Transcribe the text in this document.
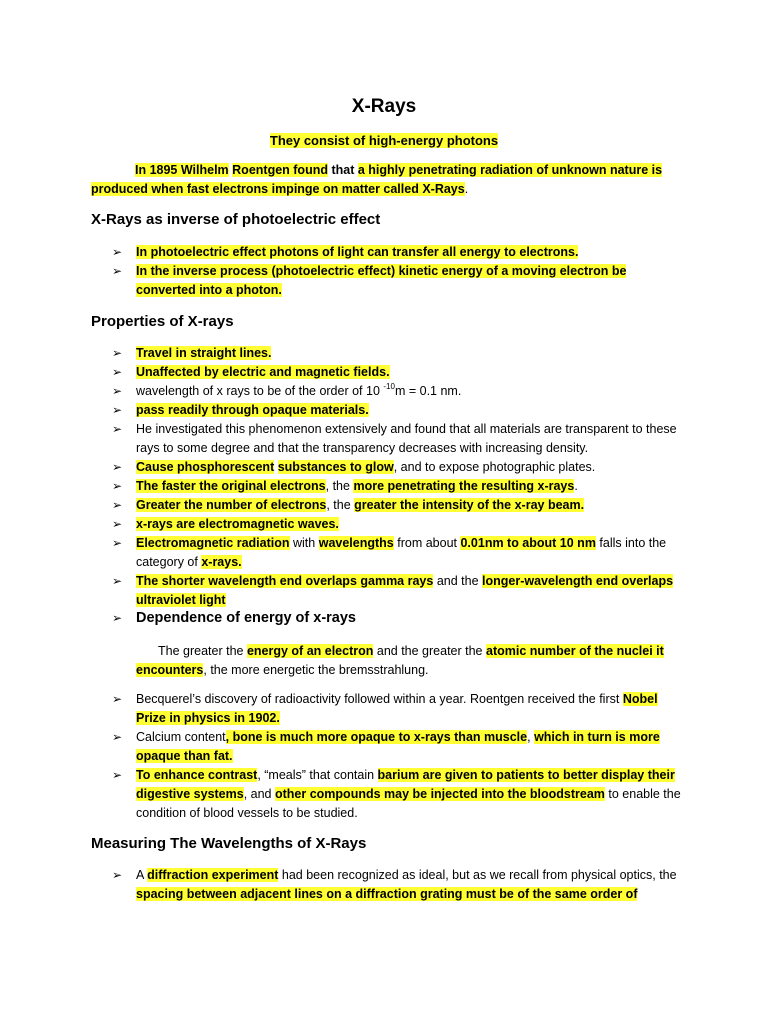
X-Rays
They consist of high-energy photons
In 1895 Wilhelm Roentgen found that a highly penetrating radiation of unknown nature is produced when fast electrons impinge on matter called X-Rays.
X-Rays as inverse of photoelectric effect
➢ In photoelectric effect photons of light can transfer all energy to electrons.
➢ In the inverse process (photoelectric effect) kinetic energy of a moving electron be converted into a photon.
Properties of X-rays
➢ Travel in straight lines.
➢ Unaffected by electric and magnetic fields.
➢ wavelength of x rays to be of the order of 10 $^{-10}$m = 0.1 nm.
➢ pass readily through opaque materials.
➢ He investigated this phenomenon extensively and found that all materials are transparent to these rays to some degree and that the transparency decreases with increasing density.
➢ Cause phosphorescent substances to glow, and to expose photographic plates.
➢ The faster the original electrons, the more penetrating the resulting x-rays.
➢ Greater the number of electrons, the greater the intensity of the x-ray beam.
➢ x-rays are electromagnetic waves.
➢ Electromagnetic radiation with wavelengths from about 0.01nm to about 10 nm falls into the category of x-rays.
➢ The shorter wavelength end overlaps gamma rays and the longer-wavelength end overlaps ultraviolet light
➢ Dependence of energy of x-rays
The greater the energy of an electron and the greater the atomic number of the nuclei it encounters, the more energetic the bremsstrahlung.
➢ Becquerel’s discovery of radioactivity followed within a year. Roentgen received the first Nobel Prize in physics in 1902.
➢ Calcium content, bone is much more opaque to x-rays than muscle, which in turn is more opaque than fat.
➢ To enhance contrast, “meals” that contain barium are given to patients to better display their digestive systems, and other compounds may be injected into the bloodstream to enable the condition of blood vessels to be studied.
Measuring The Wavelengths of X-Rays
➢ A diffraction experiment had been recognized as ideal, but as we recall from physical optics, the spacing between adjacent lines on a diffraction grating must be of the same order of
